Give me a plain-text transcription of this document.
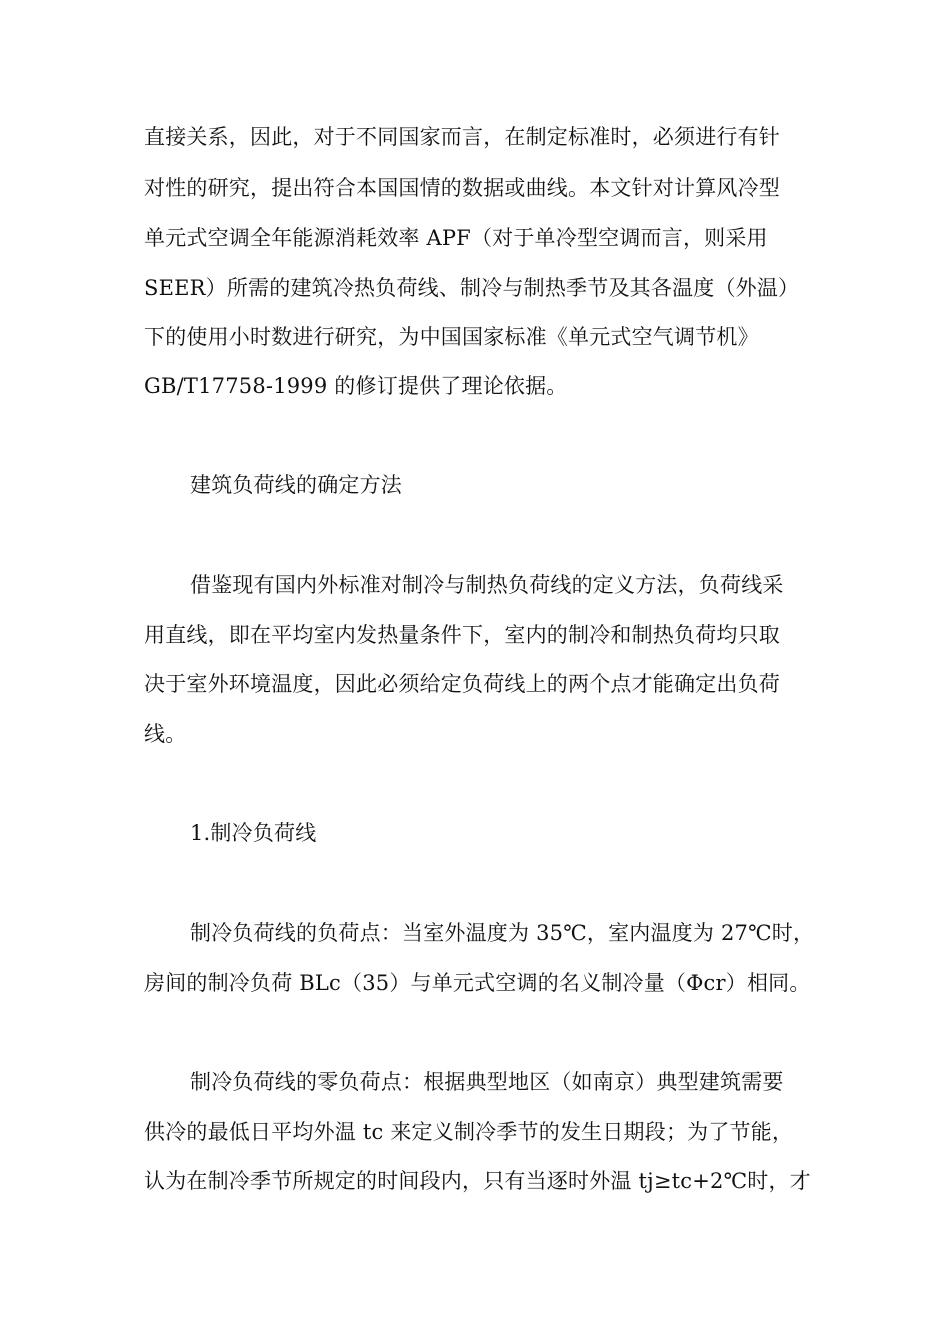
直接关系，因此，对于不同国家而言，在制定标准时，必须进行有针
对性的研究，提出符合本国国情的数据或曲线。本文针对计算风冷型
单元式空调全年能源消耗效率 APF（对于单冷型空调而言，则采用
SEER）所需的建筑冷热负荷线、制冷与制热季节及其各温度（外温）
下的使用小时数进行研究，为中国国家标准《单元式空气调节机》
GB/T17758-1999 的修订提供了理论依据。
建筑负荷线的确定方法
借鉴现有国内外标准对制冷与制热负荷线的定义方法，负荷线采
用直线，即在平均室内发热量条件下，室内的制冷和制热负荷均只取
决于室外环境温度，因此必须给定负荷线上的两个点才能确定出负荷
线。
1.制冷负荷线
制冷负荷线的负荷点：当室外温度为 35℃，室内温度为 27℃时，
房间的制冷负荷 BLc（35）与单元式空调的名义制冷量（Φcr）相同。
制冷负荷线的零负荷点：根据典型地区（如南京）典型建筑需要
供冷的最低日平均外温 tc 来定义制冷季节的发生日期段；为了节能，
认为在制冷季节所规定的时间段内，只有当逐时外温 tj≥tc+2℃时，才
